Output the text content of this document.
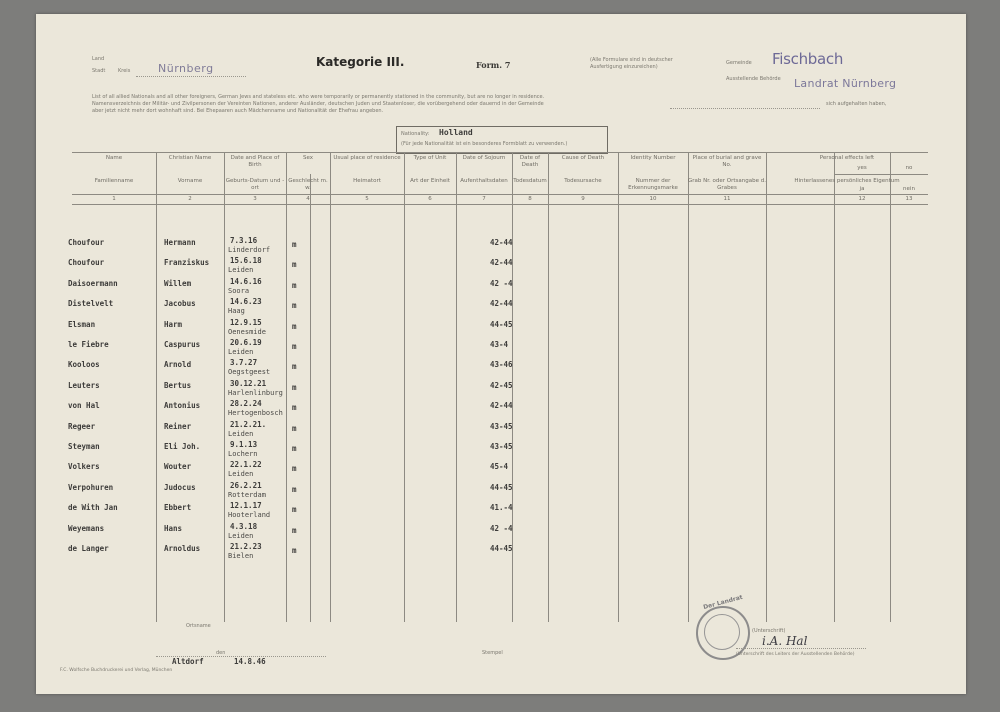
Land
Stadt	Kreis	Nürnberg	Kategorie III.	Form. 7	(Alle Formulare sind in deutscher
Ausfertigung einzureichen)
Gemeinde Fischbach
Ausstellende Behörde Landrat Nürnberg
List of all allied Nationals and all other foreigners, German Jews and stateless etc. who were temporarily or permanently stationed in the community, but are no longer in residence.
Namensverzeichnis der Militär- und Zivilpersonen der Vereinten Nationen, anderer Ausländer, deutschen Juden und Staatenloser, die vorübergehend oder dauernd in der Gemeinde	sich aufgehalten haben,
aber jetzt nicht mehr dort wohnhaft sind. Bei Ehepaaren auch Mädchenname und Nationalität der Ehefrau angeben.
Nationality: Holland
(Für jede Nationalität ist ein besonderes Formblatt zu verwenden.)
Name
Familienname
1
Christian Name
Vorname
2
Date and Place of Birth
Geburts-Datum und -ort
3
Sex
Geschlecht m. w.
4
Usual place of residence
Heimatort
5
Type of Unit
Art der Einheit
6
Date of Sojourn
Aufenthaltsdaten
7
Date of Death
Todesdatum
8
Cause of Death
Todesursache
9
Identity Number
Nummer der Erkennungsmarke
10
Place of burial and grave No.
Grab Nr. oder Ortsangabe d. Grabes
11
Personal effects left
Hinterlassenes persönliches Eigentum
yes	no
ja	nein
12	13
Choufour	Hermann	7.3.16
Linderdorf
m	42-44
Choufour	Franziskus	15.6.18
Leiden
m	42-44
Daisoermann	Willem	14.6.16
Soora
m	42 -4
Distelvelt	Jacobus	14.6.23
Haag
m	42-44
Elsman	Harm	12.9.15
Oenesmide
m	44-45
le Fiebre	Caspurus	20.6.19
Leiden
m	43-4
Kooloos	Arnold	3.7.27
Oegstgeest
m	43-46
Leuters	Bertus	30.12.21
Harlenlinburg
m	42-45
von Hal	Antonius	28.2.24
Hertogenbosch
m	42-44
Regeer	Reiner	21.2.21.
Leiden
m	43-45
Steyman	Eli Joh.	9.1.13
Lochern
m	43-45
Volkers	Wouter	22.1.22
Leiden
m	45-4
Verpohuren	Judocus	26.2.21
Rotterdam
m	44-45
de With Jan	Ebbert	12.1.17
Hooterland
m	41.-4
Weyemans	Hans	4.3.18
Leiden
m	42 -4
de Langer	Arnoldus	21.2.23
Bielen
m	44-45
Ortsname
den
Altdorf	14.8.46
Stempel
Der Landrat
(Unterschrift)
i.A. Hal
(Unterschrift des Leiters der Ausstellenden Behörde)
F.C. Wolfsche Buchdruckerei und Verlag, München
